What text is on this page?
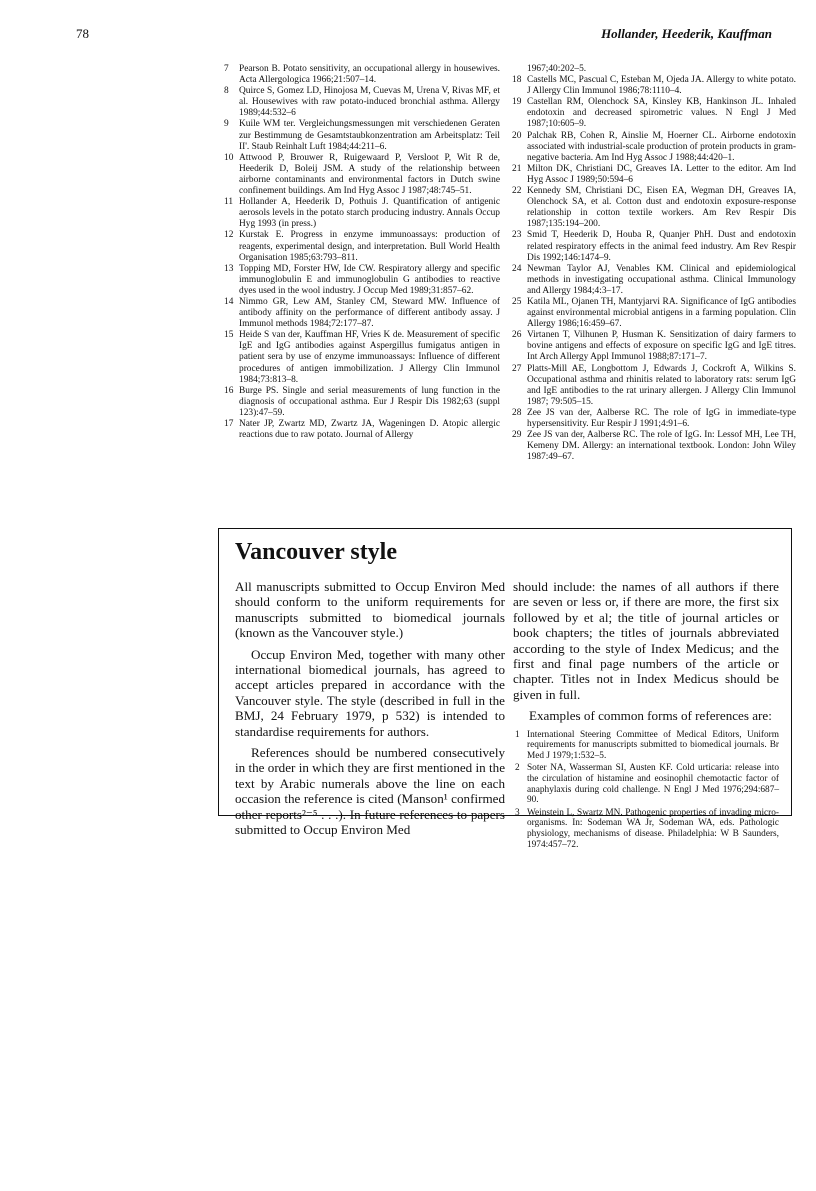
78	Hollander, Heederik, Kauffman
7	Pearson B. Potato sensitivity, an occupational allergy in housewives. Acta Allergologica 1966;21:507–14.
8	Quirce S, Gomez LD, Hinojosa M, Cuevas M, Urena V, Rivas MF, et al. Housewives with raw potato-induced bronchial asthma. Allergy 1989;44:532–6
9	Kuile WM ter. Vergleichungsmessungen mit verschiedenen Geraten zur Bestimmung de Gesamtstaubkonzentration am Arbeitsplatz: Teil II'. Staub Reinhalt Luft 1984;44:211–6.
10 Attwood P, Brouwer R, Ruigewaard P, Versloot P, Wit R de, Heederik D, Boleij JSM. A study of the relationship between airborne contaminants and environmental factors in Dutch swine confinement buildings. Am Ind Hyg Assoc J 1987;48:745–51.
11 Hollander A, Heederik D, Pothuis J. Quantification of antigenic aerosols levels in the potato starch producing industry. Annals Occup Hyg 1993 (in press.)
12 Kurstak E. Progress in enzyme immunoassays: production of reagents, experimental design, and interpretation. Bull World Health Organisation 1985;63:793–811.
13 Topping MD, Forster HW, Ide CW. Respiratory allergy and specific immunoglobulin E and immunoglobulin G antibodies to reactive dyes used in the wool industry. J Occup Med 1989;31:857–62.
14 Nimmo GR, Lew AM, Stanley CM, Steward MW. Influence of antibody affinity on the performance of different antibody assay. J Immunol methods 1984;72:177–87.
15 Heide S van der, Kauffman HF, Vries K de. Measurement of specific IgE and IgG antibodies against Aspergillus fumigatus antigen in patient sera by use of enzyme immunoassays: Influence of different procedures of antigen immobilization. J Allergy Clin Immunol 1984;73:813–8.
16 Burge PS. Single and serial measurements of lung function in the diagnosis of occupational asthma. Eur J Respir Dis 1982;63 (suppl 123):47–59.
17 Nater JP, Zwartz MD, Zwartz JA, Wageningen D. Atopic allergic reactions due to raw potato. Journal of Allergy
1967;40:202–5.
18 Castells MC, Pascual C, Esteban M, Ojeda JA. Allergy to white potato. J Allergy Clin Immunol 1986;78:1110–4.
19 Castellan RM, Olenchock SA, Kinsley KB, Hankinson JL. Inhaled endotoxin and decreased spirometric values. N Engl J Med 1987;10:605–9.
20 Palchak RB, Cohen R, Ainslie M, Hoerner CL. Airborne endotoxin associated with industrial-scale production of protein products in gram-negative bacteria. Am Ind Hyg Assoc J 1988;44:420–1.
21 Milton DK, Christiani DC, Greaves IA. Letter to the editor. Am Ind Hyg Assoc J 1989;50:594–6
22 Kennedy SM, Christiani DC, Eisen EA, Wegman DH, Greaves IA, Olenchock SA, et al. Cotton dust and endotoxin exposure-response relationship in cotton textile workers. Am Rev Respir Dis 1987;135:194–200.
23 Smid T, Heederik D, Houba R, Quanjer PhH. Dust and endotoxin related respiratory effects in the animal feed industry. Am Rev Respir Dis 1992;146:1474–9.
24 Newman Taylor AJ, Venables KM. Clinical and epidemiological methods in investigating occupational asthma. Clinical Immunology and Allergy 1984;4:3–17.
25 Katila ML, Ojanen TH, Mantyjarvi RA. Significance of IgG antibodies against environmental microbial antigens in a farming population. Clin Allergy 1986;16:459–67.
26 Virtanen T, Vilhunen P, Husman K. Sensitization of dairy farmers to bovine antigens and effects of exposure on specific IgG and IgE titres. Int Arch Allergy Appl Immunol 1988;87:171–7.
27 Platts-Mill AE, Longbottom J, Edwards J, Cockroft A, Wilkins S. Occupational asthma and rhinitis related to laboratory rats: serum IgG and IgE antibodies to the rat urinary allergen. J Allergy Clin Immunol 1987; 79:505–15.
28 Zee JS van der, Aalberse RC. The role of IgG in immediate-type hypersensitivity. Eur Respir J 1991;4:91–6.
29 Zee JS van der, Aalberse RC. The role of IgG. In: Lessof MH, Lee TH, Kemeny DM. Allergy: an international textbook. London: John Wiley 1987:49–67.
Vancouver style

All manuscripts submitted to Occup Environ Med should conform to the uniform requirements for manuscripts submitted to biomedical journals (known as the Vancouver style.)

Occup Environ Med, together with many other international biomedical journals, has agreed to accept articles prepared in accordance with the Vancouver style. The style (described in full in the BMJ, 24 February 1979, p 532) is intended to standardise requirements for authors.

References should be numbered consecutively in the order in which they are first mentioned in the text by Arabic numerals above the line on each occasion the reference is cited (Manson¹ confirmed other reports²⁻⁵ . . .). In future references to papers submitted to Occup Environ Med

should include: the names of all authors if there are seven or less or, if there are more, the first six followed by et al; the title of journal articles or book chapters; the titles of journals abbreviated according to the style of Index Medicus; and the first and final page numbers of the article or chapter. Titles not in Index Medicus should be given in full.

Examples of common forms of references are:

1 International Steering Committee of Medical Editors, Uniform requirements for manuscripts submitted to biomedical journals. Br Med J 1979;1:532–5.
2 Soter NA, Wasserman SI, Austen KF. Cold urticaria: release into the circulation of histamine and eosinophil chemotactic factor of anaphylaxis during cold challenge. N Engl J Med 1976;294:687–90.
3 Weinstein L, Swartz MN. Pathogenic properties of invading micro-organisms. In: Sodeman WA Jr, Sodeman WA, eds. Pathologic physiology, mechanisms of disease. Philadelphia: W B Saunders, 1974:457–72.
